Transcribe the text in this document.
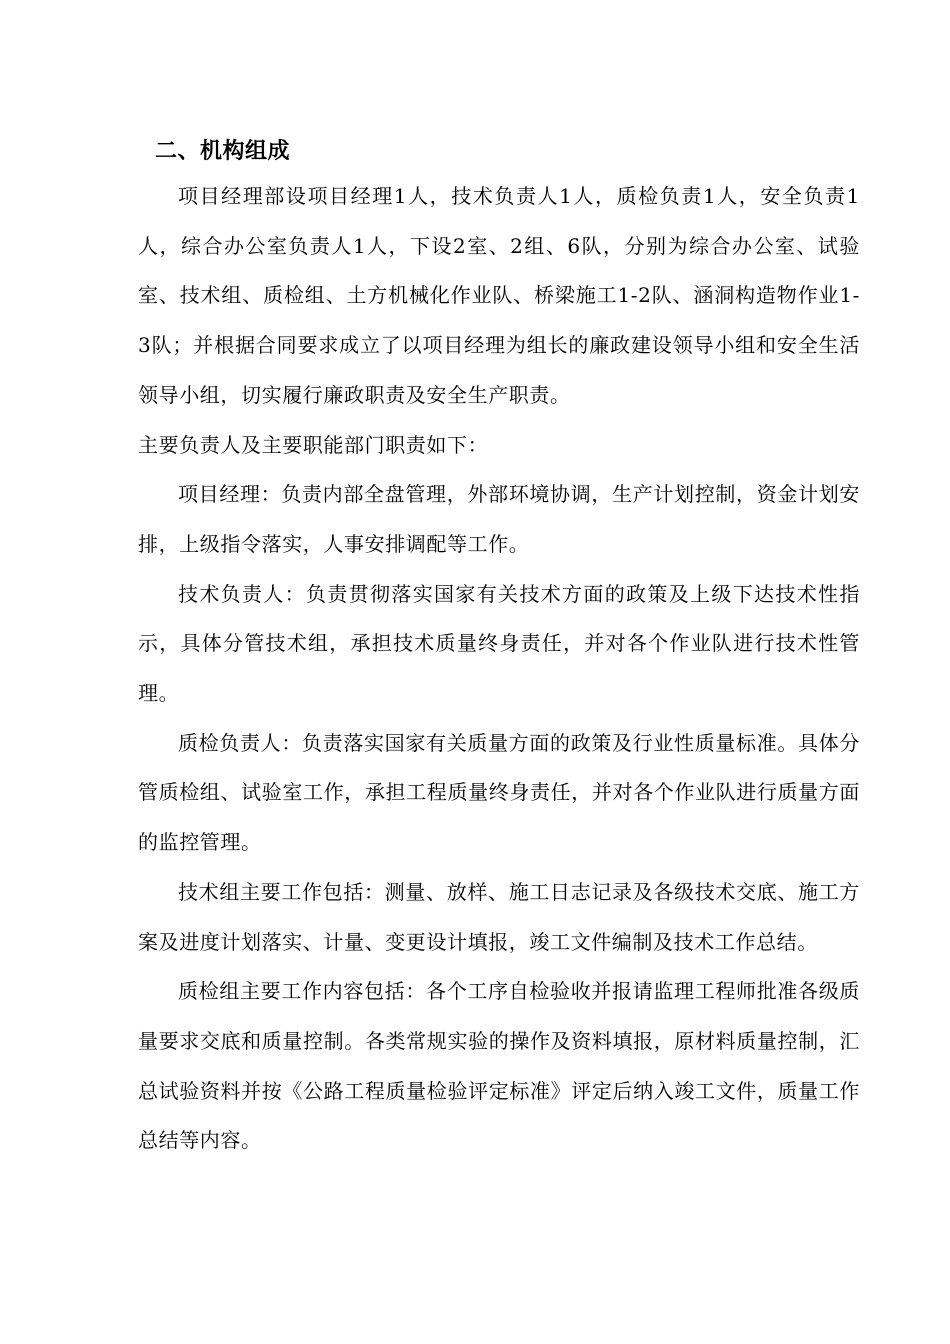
二、机构组成

项目经理部设项目经理1人，技术负责人1人，质检负责1人，安全负责1人，综合办公室负责人1人，下设2室、2组、6队，分别为综合办公室、试验室、技术组、质检组、土方机械化作业队、桥梁施工1-2队、涵洞构造物作业1-3队；并根据合同要求成立了以项目经理为组长的廉政建设领导小组和安全生活领导小组，切实履行廉政职责及安全生产职责。

主要负责人及主要职能部门职责如下：

项目经理：负责内部全盘管理，外部环境协调，生产计划控制，资金计划安排，上级指令落实，人事安排调配等工作。

技术负责人：负责贯彻落实国家有关技术方面的政策及上级下达技术性指示，具体分管技术组，承担技术质量终身责任，并对各个作业队进行技术性管理。

质检负责人：负责落实国家有关质量方面的政策及行业性质量标准。具体分管质检组、试验室工作，承担工程质量终身责任，并对各个作业队进行质量方面的监控管理。

技术组主要工作包括：测量、放样、施工日志记录及各级技术交底、施工方案及进度计划落实、计量、变更设计填报，竣工文件编制及技术工作总结。

质检组主要工作内容包括：各个工序自检验收并报请监理工程师批准各级质量要求交底和质量控制。各类常规实验的操作及资料填报，原材料质量控制，汇总试验资料并按《公路工程质量检验评定标准》评定后纳入竣工文件，质量工作总结等内容。
